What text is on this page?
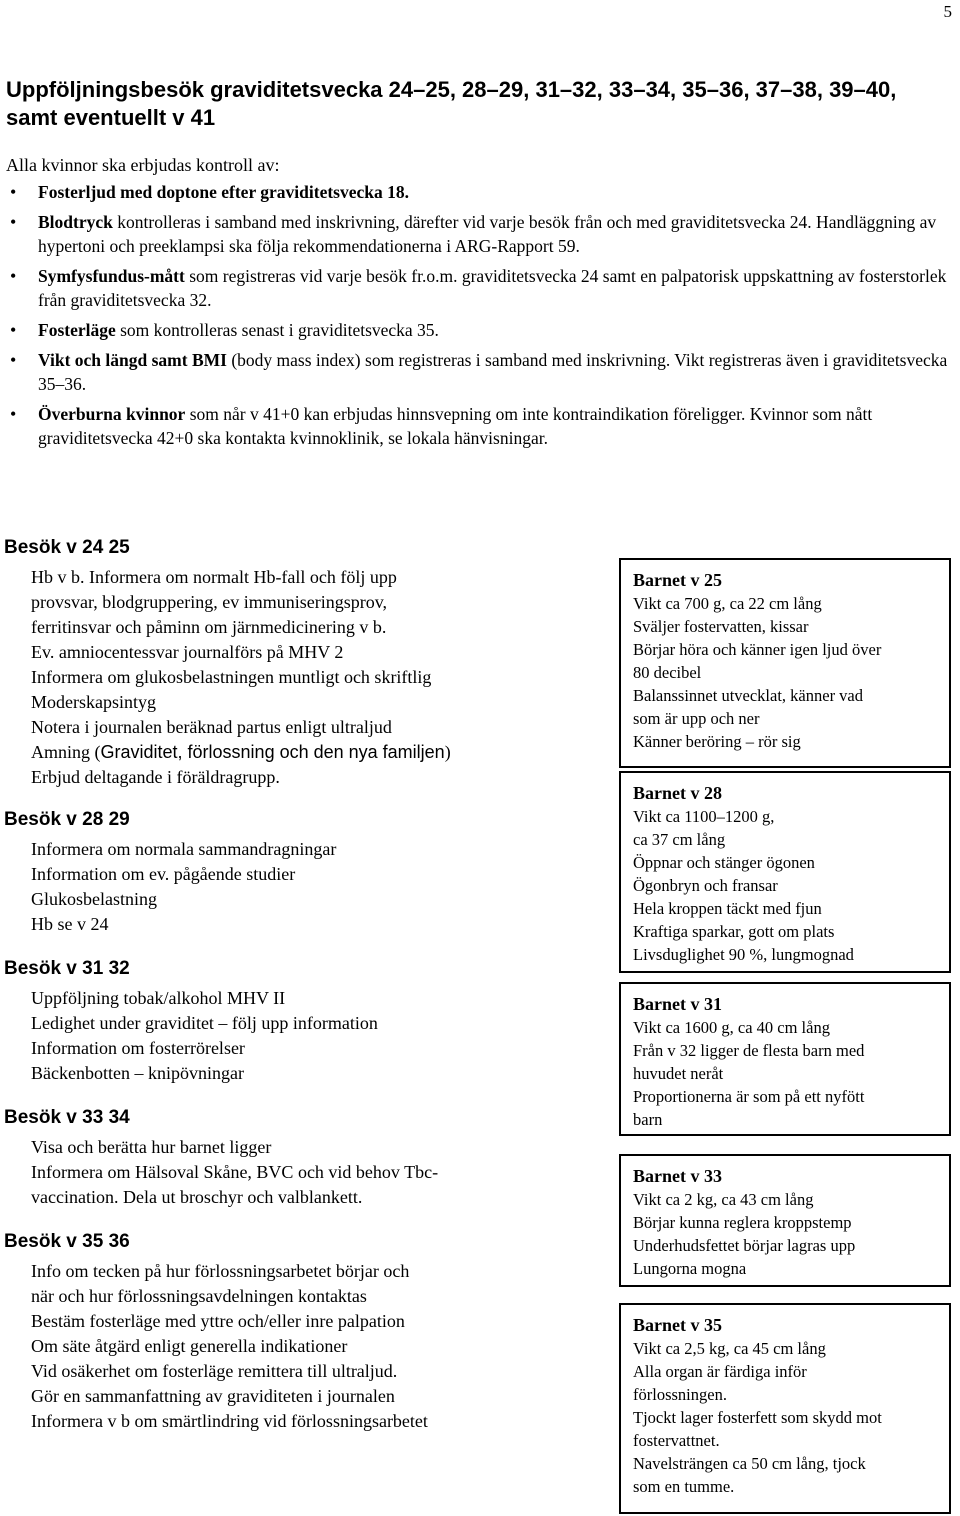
5
Uppföljningsbesök graviditetsvecka 24–25, 28–29, 31–32, 33–34, 35–36, 37–38, 39–40, samt eventuellt v 41
Alla kvinnor ska erbjudas kontroll av:
• Fosterljud med doptone efter graviditetsvecka 18.
• Blodtryck kontrolleras i samband med inskrivning, därefter vid varje besök från och med graviditetsvecka 24. Handläggning av hypertoni och preeklampsi ska följa rekommendationerna i ARG-Rapport 59.
• Symfysfundus-mått som registreras vid varje besök fr.o.m. graviditetsvecka 24 samt en palpatorisk uppskattning av fosterstorlek från graviditetsvecka 32.
• Fosterläge som kontrolleras senast i graviditetsvecka 35.
• Vikt och längd samt BMI (body mass index) som registreras i samband med inskrivning. Vikt registreras även i graviditetsvecka 35–36.
• Överburna kvinnor som når v 41+0 kan erbjudas hinnsvepning om inte kontraindikation föreligger. Kvinnor som nått graviditetsvecka 42+0 ska kontakta kvinnoklinik, se lokala hänvisningar.
Besök v 24 25
Hb v b. Informera om normalt Hb-fall och följ upp
provsvar, blodgruppering, ev immuniseringsprov,
ferritinsvar och påminn om järnmedicinering v b.
Ev. amniocentessvar journalförs på MHV 2
Informera om glukosbelastningen muntligt och skriftlig
Moderskapsintyg
Notera i journalen beräknad partus enligt ultraljud
Amning (Graviditet, förlossning och den nya familjen)
Erbjud deltagande i föräldragrupp.
Besök v 28 29
Informera om normala sammandragningar
Information om ev. pågående studier
Glukosbelastning
Hb se v 24
Besök v 31 32
Uppföljning tobak/alkohol MHV II
Ledighet under graviditet – följ upp information
Information om fosterrörelser
Bäckenbotten – knipövningar
Besök v 33 34
Visa och berätta hur barnet ligger
Informera om Hälsoval Skåne, BVC och vid behov Tbc-
vaccination. Dela ut broschyr och valblankett.
Besök v 35 36
Info om tecken på hur förlossningsarbetet börjar och
när och hur förlossningsavdelningen kontaktas
Bestäm fosterläge med yttre och/eller inre palpation
Om säte åtgärd enligt generella indikationer
Vid osäkerhet om fosterläge remittera till ultraljud.
Gör en sammanfattning av graviditeten i journalen
Informera v b om smärtlindring vid förlossningsarbetet
Barnet v 25
Vikt ca 700 g, ca 22 cm lång
Sväljer fostervatten, kissar
Börjar höra och känner igen ljud över
80 decibel
Balanssinnet utvecklat, känner vad
som är upp och ner
Känner beröring – rör sig
Barnet v 28
Vikt ca 1100–1200 g,
ca 37 cm lång
Öppnar och stänger ögonen
Ögonbryn och fransar
Hela kroppen täckt med fjun
Kraftiga sparkar, gott om plats
Livsduglighet 90 %, lungmognad
Barnet v 31
Vikt ca 1600 g, ca 40 cm lång
Från v 32 ligger de flesta barn med
huvudet neråt
Proportionerna är som på ett nyfött
barn
Barnet v 33
Vikt ca 2 kg, ca 43 cm lång
Börjar kunna reglera kroppstemp
Underhudsfettet börjar lagras upp
Lungorna mogna
Barnet v 35
Vikt ca 2,5 kg, ca 45 cm lång
Alla organ är färdiga inför
förlossningen.
Tjockt lager fosterfett som skydd mot
fostervattnet.
Navelsträngen ca 50 cm lång, tjock
som en tumme.
